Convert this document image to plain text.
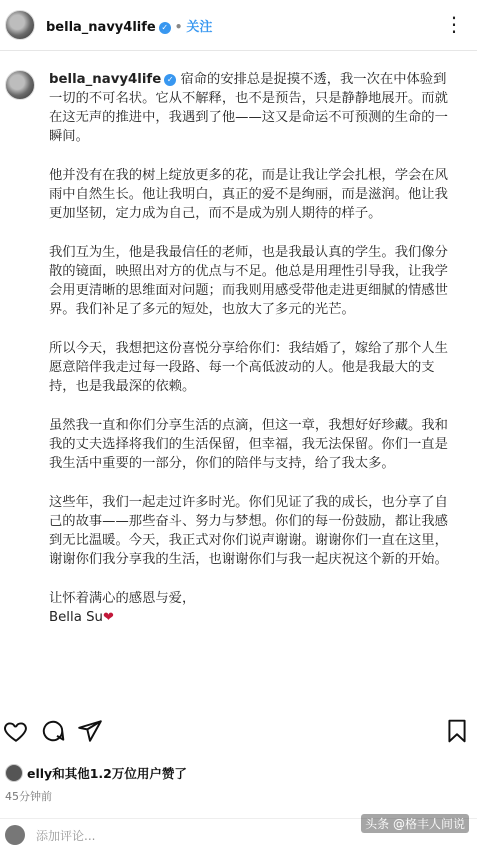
bella_navy4life ✓ • 关注	⋮

bella_navy4life ✓ 宿命的安排总是捉摸不透，我一次在中体验到一切的不可名状。它从不解释，也不是预告，只是静静地展开。而就在这无声的推进中，我遇到了他——这又是命运不可预测的生命的一瞬间。

他并没有在我的树上绽放更多的花，而是让我让学会扎根，学会在风雨中自然生长。他让我明白，真正的爱不是绚丽，而是滋润。他让我更加坚韧，定力成为自己，而不是成为别人期待的样子。

我们互为生，他是我最信任的老师，也是我最认真的学生。我们像分散的镜面，映照出对方的优点与不足。他总是用理性引导我，让我学会用更清晰的思维面对问题；而我则用感受带他走进更细腻的情感世界。我们补足了多元的短处，也放大了多元的光芒。

所以今天，我想把这份喜悦分享给你们：我结婚了，嫁给了那个人生愿意陪伴我走过每一段路、每一个高低波动的人。他是我最大的支持，也是我最深的依赖。

虽然我一直和你们分享生活的点滴，但这一章，我想好好珍藏。我和我的丈夫选择将我们的生活保留，但幸福，我无法保留。你们一直是我生活中重要的一部分，你们的陪伴与支持，给了我太多。

这些年，我们一起走过许多时光。你们见证了我的成长，也分享了自己的故事——那些奋斗、努力与梦想。你们的每一份鼓励，都让我感到无比温暖。今天，我正式对你们说声谢谢。谢谢你们一直在这里，谢谢你们我分享我的生活，也谢谢你们与我一起庆祝这个新的开始。

让怀着满心的感恩与爱，
Bella Su❤

elly 和其他1.2万位用户赞了
45分钟前
添加评论...
头条 @格丰人间说
